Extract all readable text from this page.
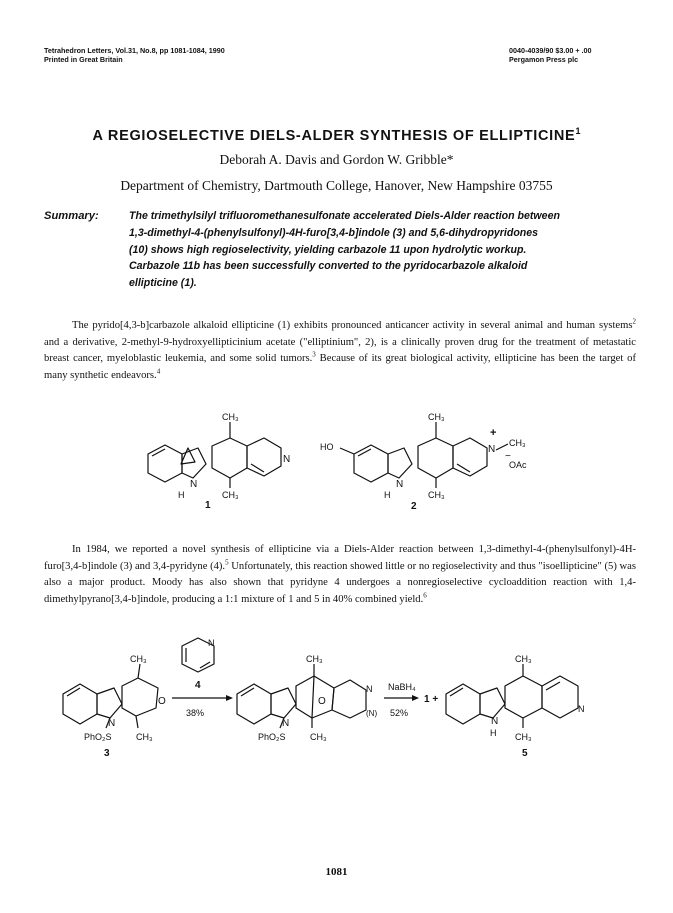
Tetrahedron Letters, Vol.31, No.8, pp 1081-1084, 1990
Printed in Great Britain
0040-4039/90 $3.00 + .00
Pergamon Press plc
A REGIOSELECTIVE DIELS-ALDER SYNTHESIS OF ELLIPTICINE$^1$
Deborah A. Davis and Gordon W. Gribble*
Department of Chemistry, Dartmouth College, Hanover, New Hampshire 03755
Summary:	The trimethylsilyl trifluoromethanesulfonate accelerated Diels-Alder reaction between
1,3-dimethyl-4-(phenylsulfonyl)-4H-furo[3,4-b]indole (3) and 5,6-dihydropyridones
(10) shows high regioselectivity, yielding carbazole 11 upon hydrolytic workup.
Carbazole 11b has been successfully converted to the pyridocarbazole alkaloid
ellipticine (1).
The pyrido[4,3-b]carbazole alkaloid ellipticine (1) exhibits pronounced anticancer activity in several animal and human systems$^2$ and a derivative, 2-methyl-9-hydroxyellipticinium acetate ("elliptinium", 2), is a clinically proven drug for the treatment of metastatic breast cancer, myeloblastic leukemia, and some solid tumors.$^3$ Because of its great biological activity, ellipticine has been the target of many synthetic endeavors.$^4$
CH₃
N
N
H	CH₃
1
HO
CH₃
+
N
CH₃
−
OAc
N
H	CH₃
2
In 1984, we reported a novel synthesis of ellipticine via a Diels-Alder reaction between 1,3-dimethyl-4-(phenylsulfonyl)-4H-furo[3,4-b]indole (3) and 3,4-pyridyne (4).$^5$ Unfortunately, this reaction showed little or no regioselectivity and thus "isoellipticine" (5) was also a major product. Moody has also shown that pyridyne 4 undergoes a nonregioselective cycloaddition reaction with 1,4-dimethylpyrano[3,4-b]indole, producing a 1:1 mixture of 1 and 5 in 40% combined yield.$^6$
CH₃
O
N
PhO₂S	CH₃
3
N
4
38%
CH₃
O
N
(N)
N
PhO₂S	CH₃
NaBH₄
52%
1 +
CH₃
N
N
H CH₃
5
1081
